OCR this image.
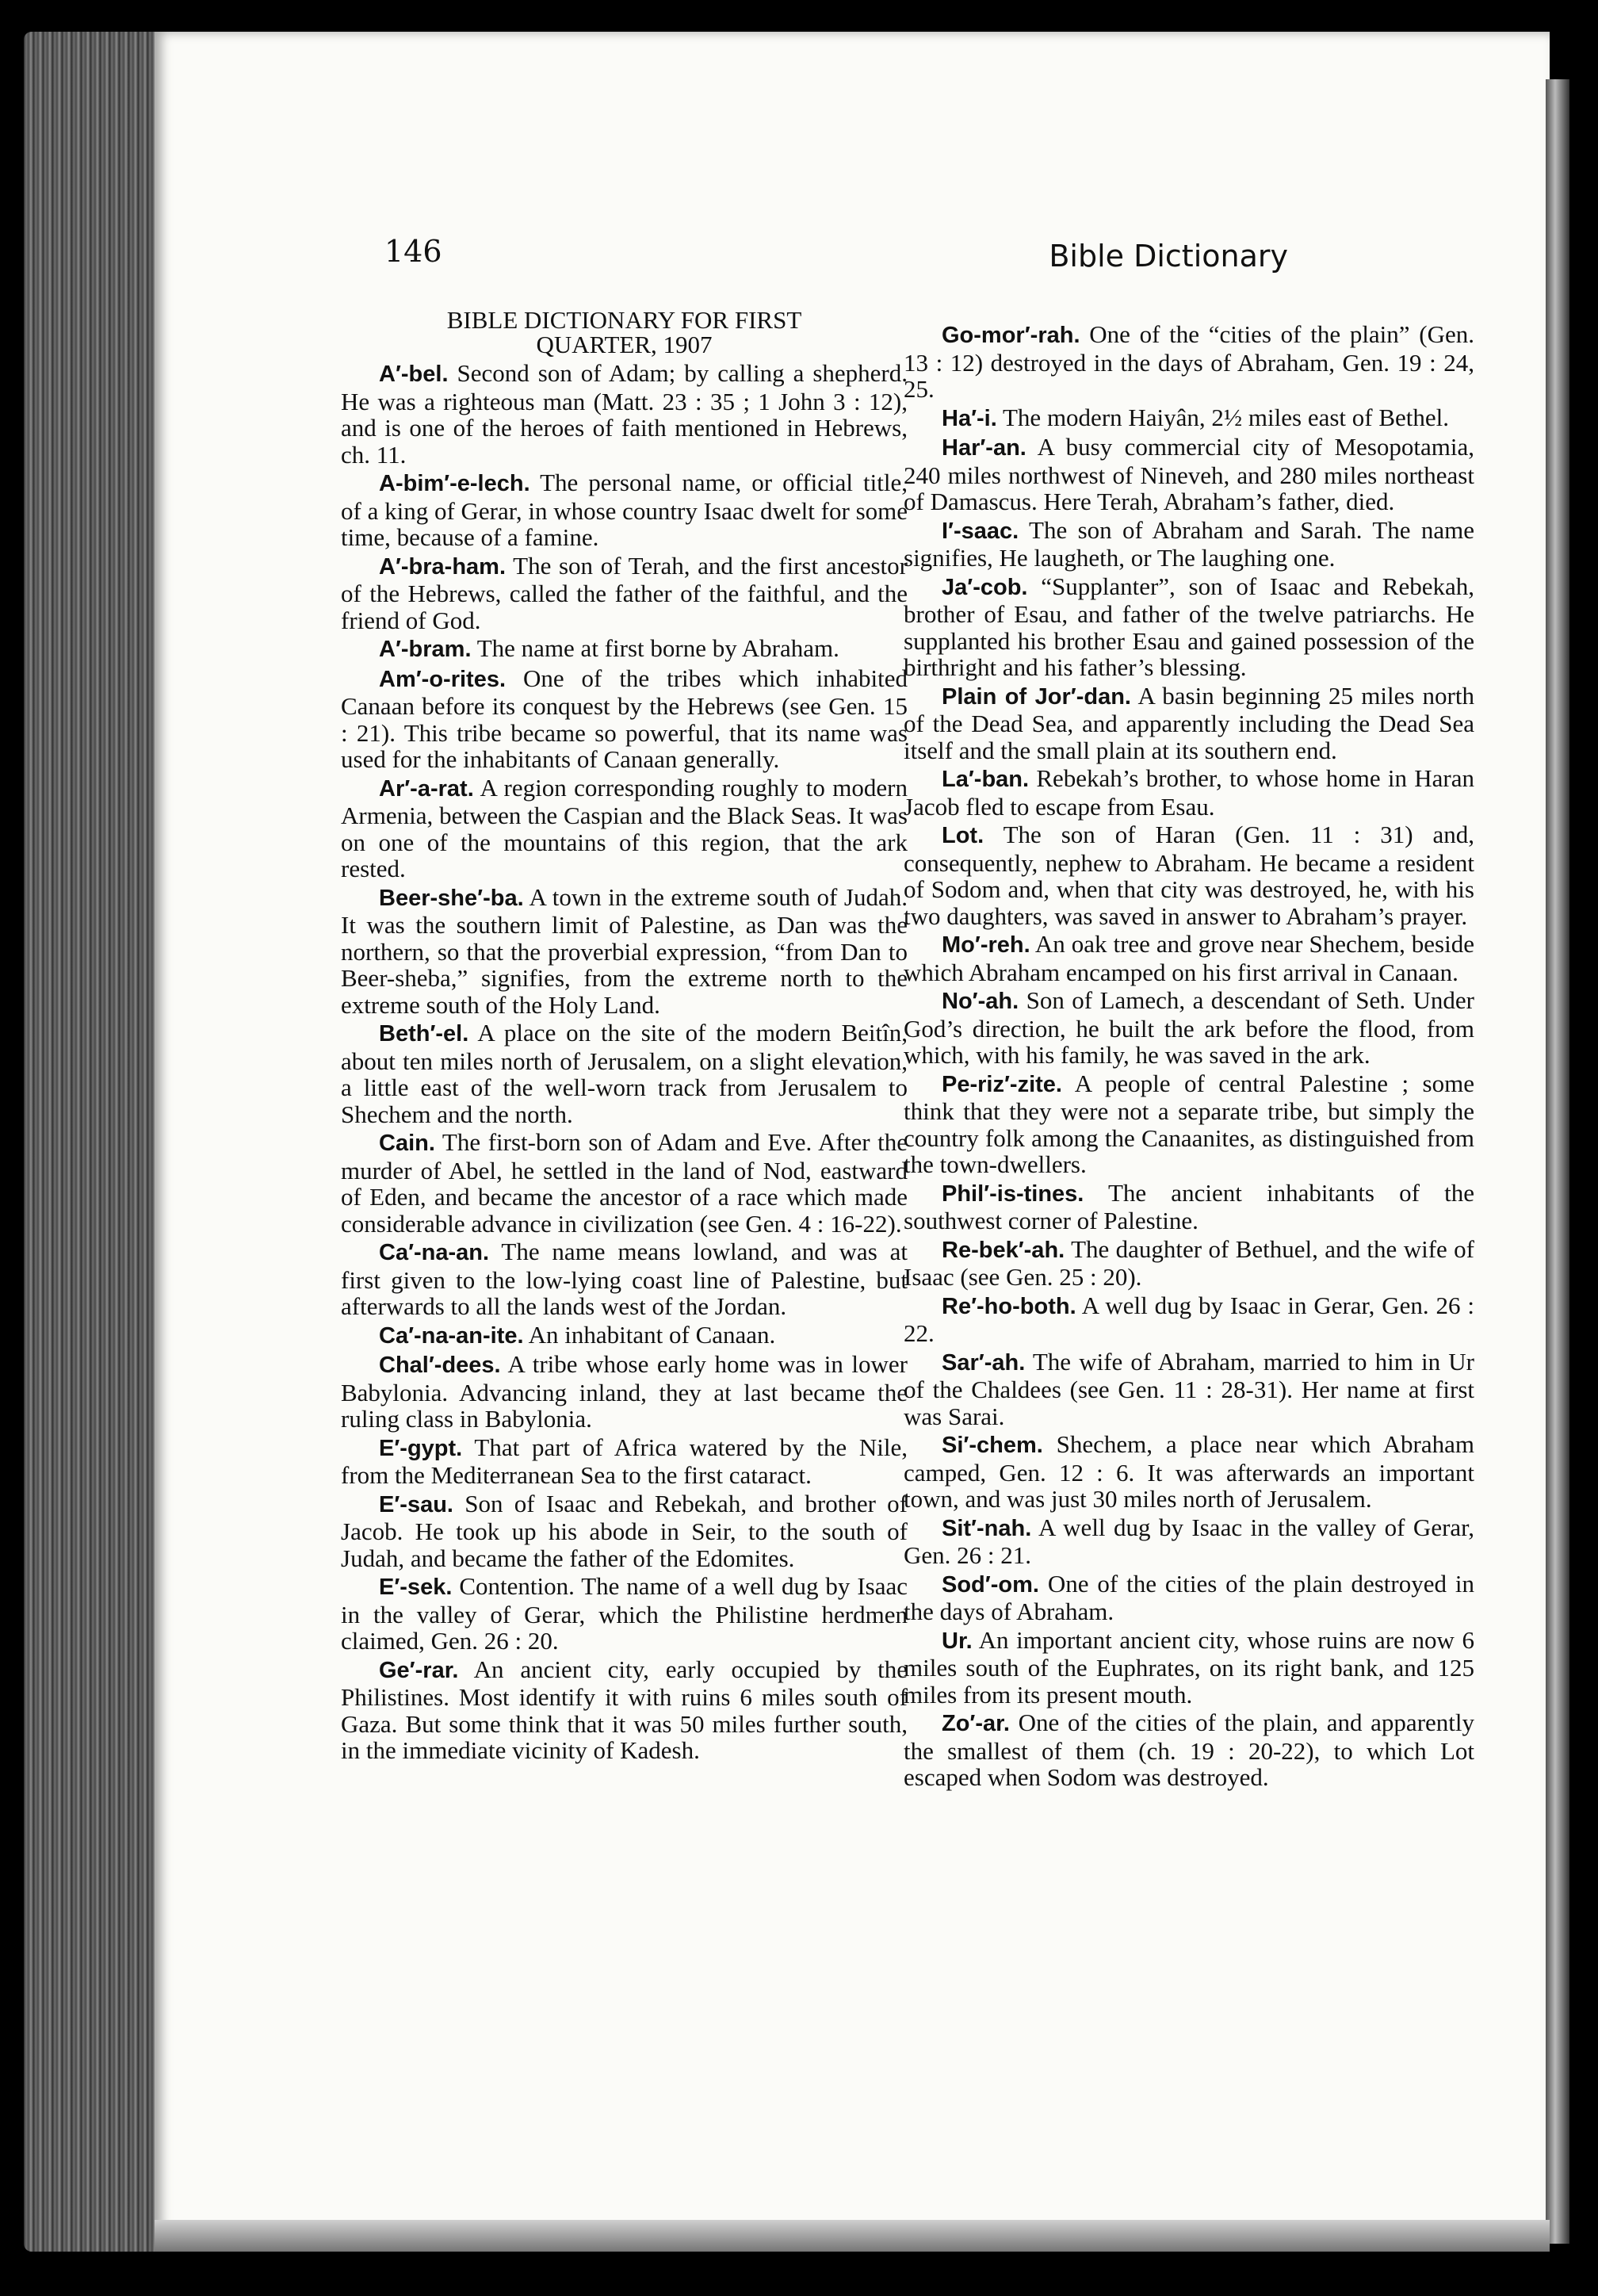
146	Bible Dictionary
BIBLE DICTIONARY FOR FIRST
QUARTER, 1907

A′-bel. Second son of Adam; by calling a shepherd. He was a righteous man (Matt. 23 : 35 ; 1 John 3 : 12), and is one of the heroes of faith mentioned in Hebrews, ch. 11.

A-bim′-e-lech. The personal name, or official title, of a king of Gerar, in whose country Isaac dwelt for some time, because of a famine.

A′-bra-ham. The son of Terah, and the first ancestor of the Hebrews, called the father of the faithful, and the friend of God.

A′-bram. The name at first borne by Abraham.

Am′-o-rites. One of the tribes which inhabited Canaan before its conquest by the Hebrews (see Gen. 15 : 21). This tribe became so powerful, that its name was used for the inhabitants of Canaan generally.

Ar′-a-rat. A region corresponding roughly to modern Armenia, between the Caspian and the Black Seas. It was on one of the mountains of this region, that the ark rested.

Beer-she′-ba. A town in the extreme south of Judah. It was the southern limit of Palestine, as Dan was the northern, so that the proverbial expression, “from Dan to Beer-sheba,” signifies, from the extreme north to the extreme south of the Holy Land.

Beth′-el. A place on the site of the modern Beitîn, about ten miles north of Jerusalem, on a slight elevation, a little east of the well-worn track from Jerusalem to Shechem and the north.

Cain. The first-born son of Adam and Eve. After the murder of Abel, he settled in the land of Nod, eastward of Eden, and became the ancestor of a race which made considerable advance in civilization (see Gen. 4 : 16-22).

Ca′-na-an. The name means lowland, and was at first given to the low-lying coast line of Palestine, but afterwards to all the lands west of the Jordan.

Ca′-na-an-ite. An inhabitant of Canaan.

Chal′-dees. A tribe whose early home was in lower Babylonia. Advancing inland, they at last became the ruling class in Babylonia.

E′-gypt. That part of Africa watered by the Nile, from the Mediterranean Sea to the first cataract.

E′-sau. Son of Isaac and Rebekah, and brother of Jacob. He took up his abode in Seir, to the south of Judah, and became the father of the Edomites.

E′-sek. Contention. The name of a well dug by Isaac in the valley of Gerar, which the Philistine herdmen claimed, Gen. 26 : 20.

Ge′-rar. An ancient city, early occupied by the Philistines. Most identify it with ruins 6 miles south of Gaza. But some think that it was 50 miles further south, in the immediate vicinity of Kadesh.

Go-mor′-rah. One of the “cities of the plain” (Gen. 13 : 12) destroyed in the days of Abraham, Gen. 19 : 24, 25.

Ha′-i. The modern Haiyân, 2½ miles east of Bethel.

Har′-an. A busy commercial city of Mesopotamia, 240 miles northwest of Nineveh, and 280 miles northeast of Damascus. Here Terah, Abraham’s father, died.

I′-saac. The son of Abraham and Sarah. The name signifies, He laugheth, or The laughing one.

Ja′-cob. “Supplanter”, son of Isaac and Rebekah, brother of Esau, and father of the twelve patriarchs. He supplanted his brother Esau and gained possession of the birthright and his father’s blessing.

Plain of Jor′-dan. A basin beginning 25 miles north of the Dead Sea, and apparently including the Dead Sea itself and the small plain at its southern end.

La′-ban. Rebekah’s brother, to whose home in Haran Jacob fled to escape from Esau.

Lot. The son of Haran (Gen. 11 : 31) and, consequently, nephew to Abraham. He became a resident of Sodom and, when that city was destroyed, he, with his two daughters, was saved in answer to Abraham’s prayer.

Mo′-reh. An oak tree and grove near Shechem, beside which Abraham encamped on his first arrival in Canaan.

No′-ah. Son of Lamech, a descendant of Seth. Under God’s direction, he built the ark before the flood, from which, with his family, he was saved in the ark.

Pe-riz′-zite. A people of central Palestine ; some think that they were not a separate tribe, but simply the country folk among the Canaanites, as distinguished from the town-dwellers.

Phil′-is-tines. The ancient inhabitants of the southwest corner of Palestine.

Re-bek′-ah. The daughter of Bethuel, and the wife of Isaac (see Gen. 25 : 20).

Re′-ho-both. A well dug by Isaac in Gerar, Gen. 26 : 22.

Sar′-ah. The wife of Abraham, married to him in Ur of the Chaldees (see Gen. 11 : 28-31). Her name at first was Sarai.

Si′-chem. Shechem, a place near which Abraham camped, Gen. 12 : 6. It was afterwards an important town, and was just 30 miles north of Jerusalem.

Sit′-nah. A well dug by Isaac in the valley of Gerar, Gen. 26 : 21.

Sod′-om. One of the cities of the plain destroyed in the days of Abraham.

Ur. An important ancient city, whose ruins are now 6 miles south of the Euphrates, on its right bank, and 125 miles from its present mouth.

Zo′-ar. One of the cities of the plain, and apparently the smallest of them (ch. 19 : 20-22), to which Lot escaped when Sodom was destroyed.
